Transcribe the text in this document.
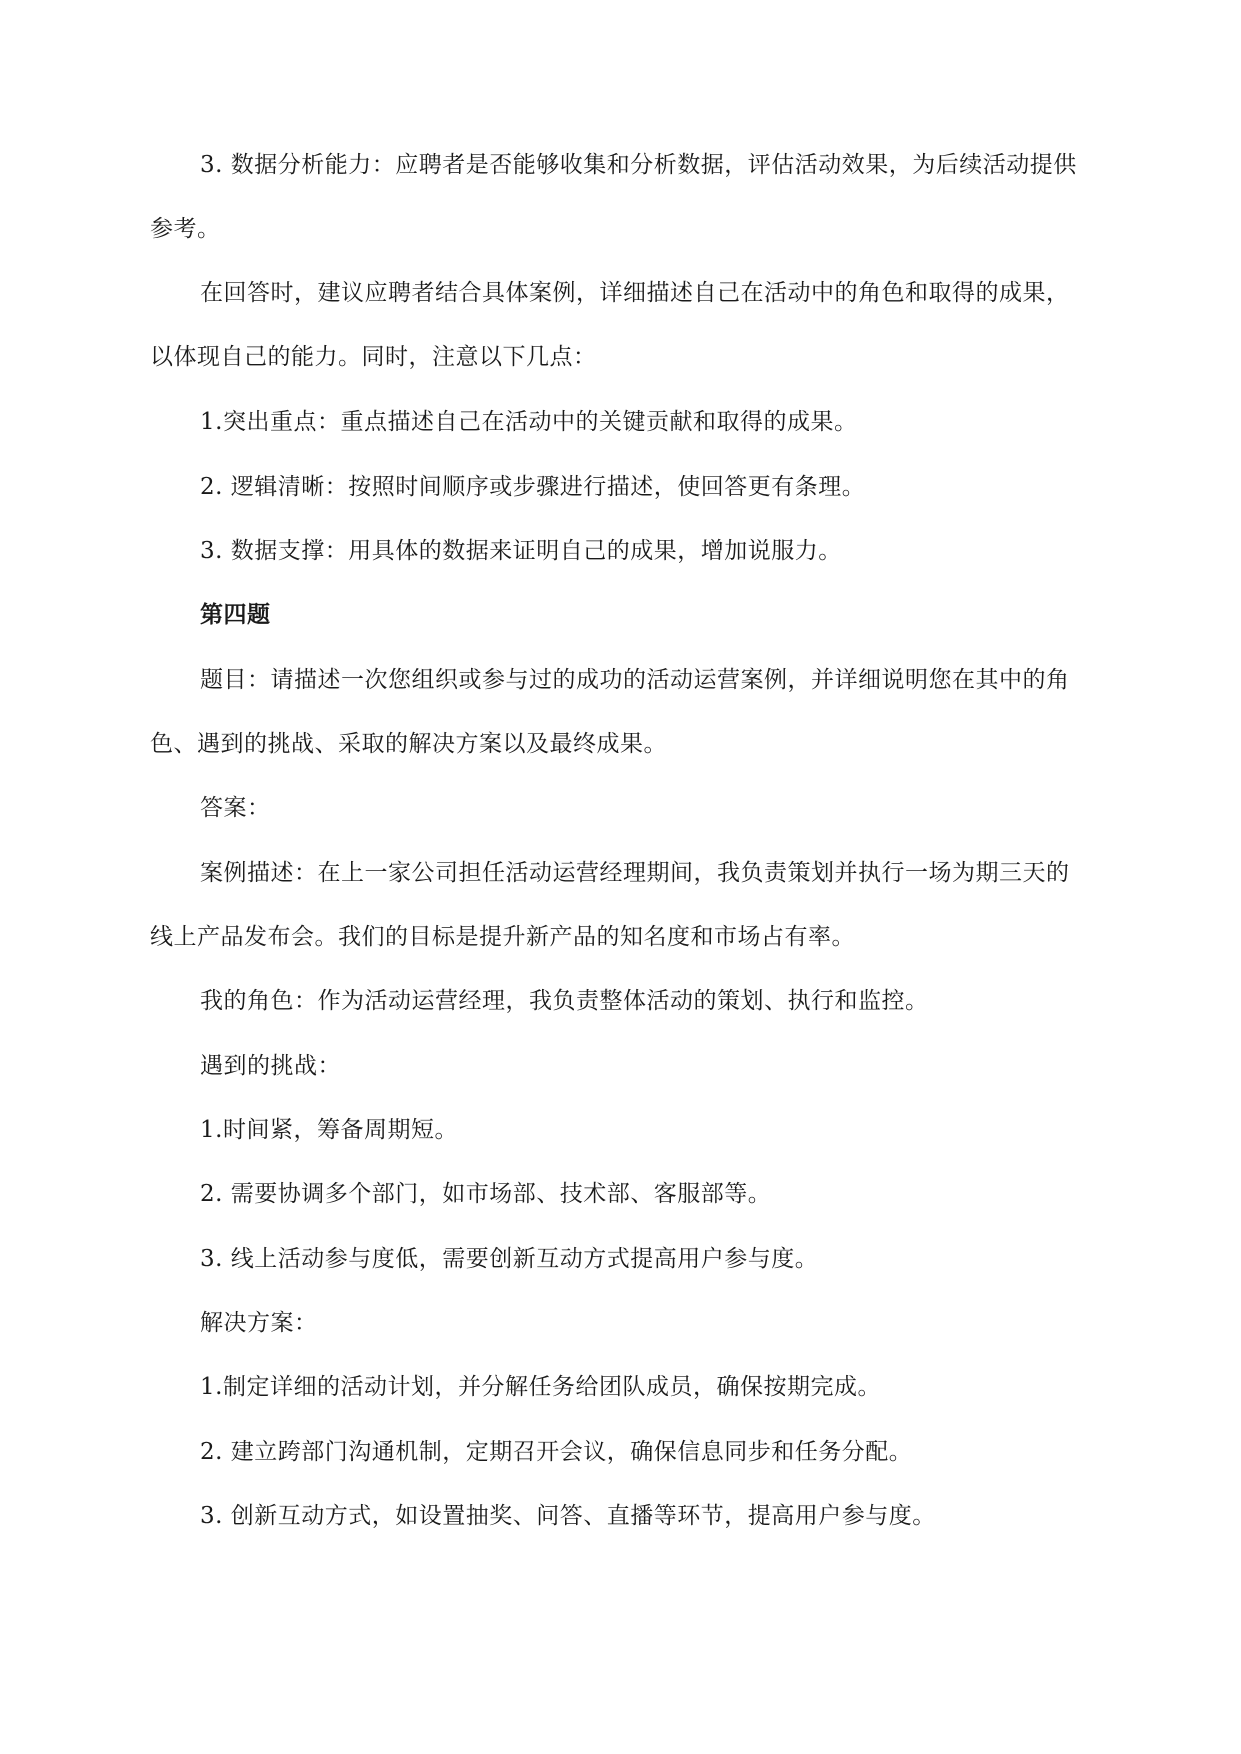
3. 数据分析能力：应聘者是否能够收集和分析数据，评估活动效果，为后续活动提供参考。

在回答时，建议应聘者结合具体案例，详细描述自己在活动中的角色和取得的成果，以体现自己的能力。同时，注意以下几点：

1.突出重点：重点描述自己在活动中的关键贡献和取得的成果。

2. 逻辑清晰：按照时间顺序或步骤进行描述，使回答更有条理。

3. 数据支撑：用具体的数据来证明自己的成果，增加说服力。

第四题

题目：请描述一次您组织或参与过的成功的活动运营案例，并详细说明您在其中的角色、遇到的挑战、采取的解决方案以及最终成果。

答案：

案例描述：在上一家公司担任活动运营经理期间，我负责策划并执行一场为期三天的线上产品发布会。我们的目标是提升新产品的知名度和市场占有率。

我的角色：作为活动运营经理，我负责整体活动的策划、执行和监控。

遇到的挑战：

1.时间紧，筹备周期短。

2. 需要协调多个部门，如市场部、技术部、客服部等。

3. 线上活动参与度低，需要创新互动方式提高用户参与度。

解决方案：

1.制定详细的活动计划，并分解任务给团队成员，确保按期完成。

2. 建立跨部门沟通机制，定期召开会议，确保信息同步和任务分配。

3. 创新互动方式，如设置抽奖、问答、直播等环节，提高用户参与度。
